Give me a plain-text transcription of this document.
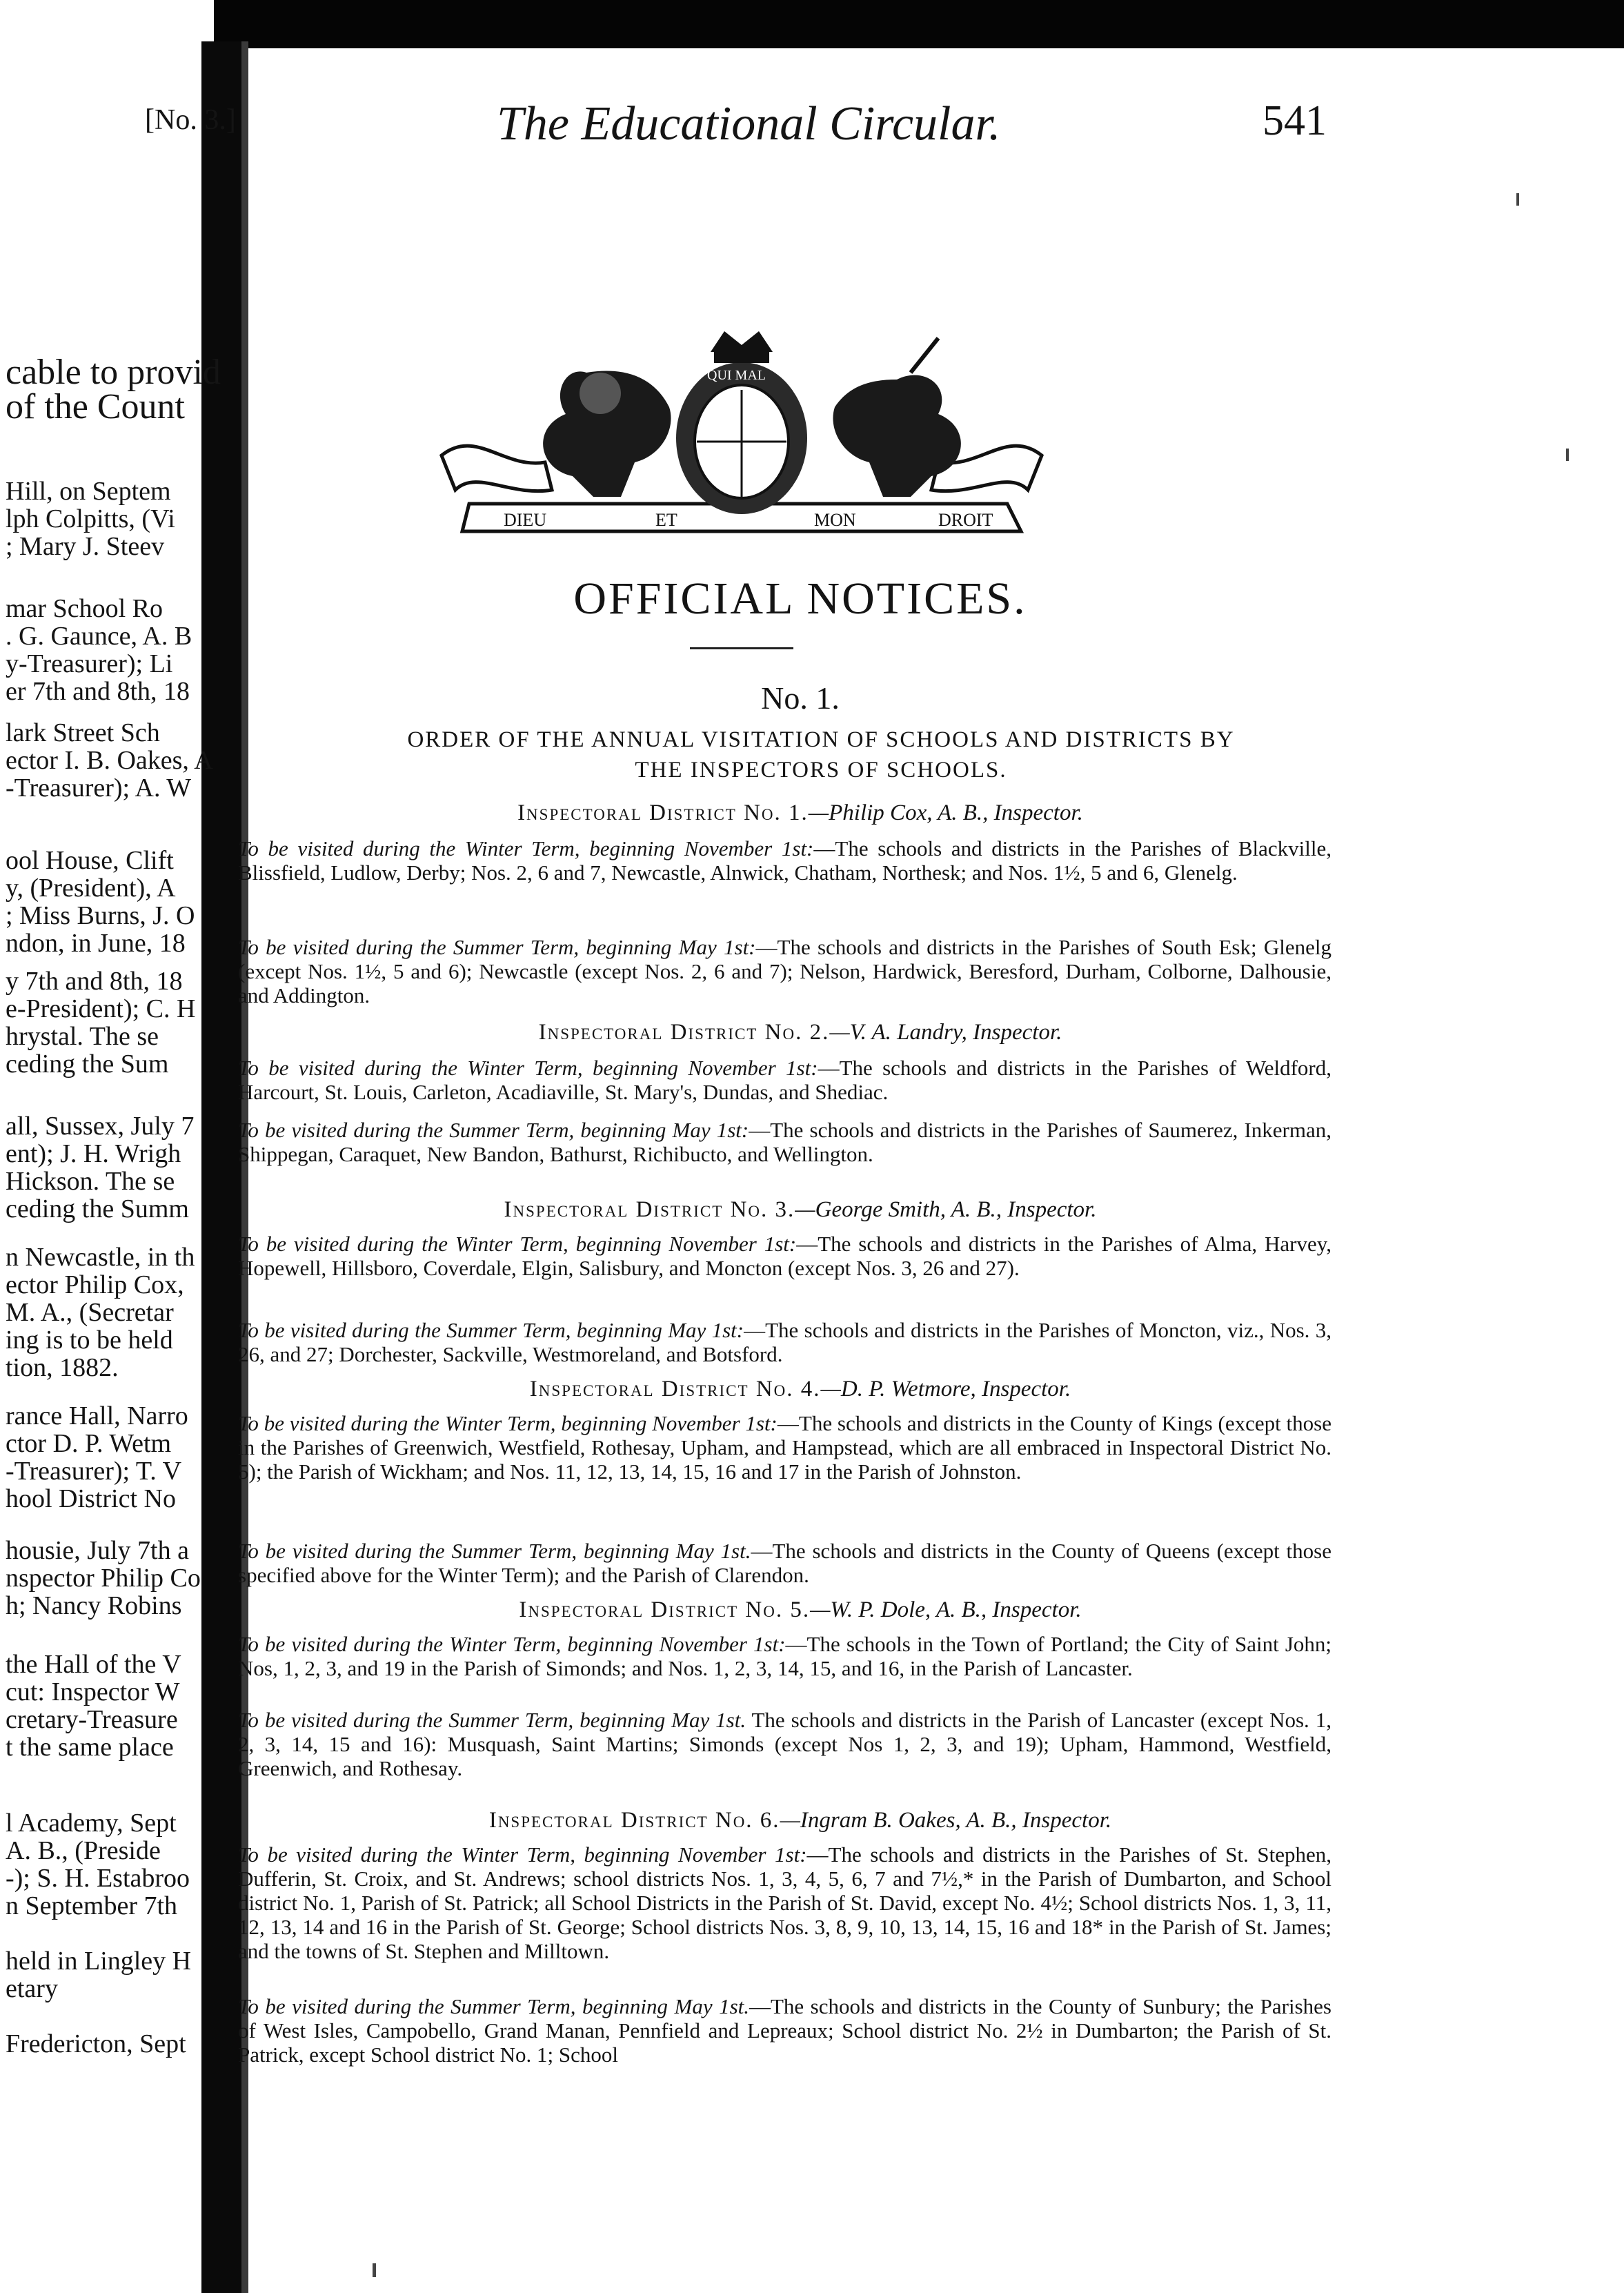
[No. 3.]
cable to provid
of the Count
Hill, on Septem
lph Colpitts, (Vi
; Mary J. Steev
mar School Ro
. G. Gaunce, A. B
y-Treasurer); Li
er 7th and 8th, 18
lark Street Sch
ector I. B. Oakes, A
-Treasurer); A. W
ool House, Clift
y, (President), A
; Miss Burns, J. O
ndon, in June, 18
y 7th and 8th, 18
e-President); C. H
hrystal. The se
ceding the Sum
all, Sussex, July 7
ent); J. H. Wrigh
Hickson. The se
ceding the Summ
n Newcastle, in th
ector Philip Cox,
M. A., (Secretar
ing is to be held
tion, 1882.
rance Hall, Narro
ctor D. P. Wetm
-Treasurer); T. V
hool District No
housie, July 7th a
nspector Philip Co
h; Nancy Robins
the Hall of the V
cut: Inspector W
cretary-Treasure
t the same place
l Academy, Sept
A. B., (Preside
-); S. H. Estabroo
n September 7th
held in Lingley H
etary
Fredericton, Sept
The Educational Circular.	541
DIEU	ET	MON	DROIT
QUI MAL
OFFICIAL NOTICES.
No. 1.
ORDER OF THE ANNUAL VISITATION OF SCHOOLS AND DISTRICTS BY THE INSPECTORS OF SCHOOLS.
Inspectoral District No. 1.—Philip Cox, A. B., Inspector.
To be visited during the Winter Term, beginning November 1st:—The schools and districts in the Parishes of Blackville, Blissfield, Ludlow, Derby; Nos. 2, 6 and 7, Newcastle, Alnwick, Chatham, Northesk; and Nos. 1½, 5 and 6, Glenelg.
To be visited during the Summer Term, beginning May 1st:—The schools and districts in the Parishes of South Esk; Glenelg (except Nos. 1½, 5 and 6); Newcastle (except Nos. 2, 6 and 7); Nelson, Hardwick, Beresford, Durham, Colborne, Dalhousie, and Addington.
Inspectoral District No. 2.—V. A. Landry, Inspector.
To be visited during the Winter Term, beginning November 1st:—The schools and districts in the Parishes of Weldford, Harcourt, St. Louis, Carleton, Acadiaville, St. Mary's, Dundas, and Shediac.
To be visited during the Summer Term, beginning May 1st:—The schools and districts in the Parishes of Saumerez, Inkerman, Shippegan, Caraquet, New Bandon, Bathurst, Richibucto, and Wellington.
Inspectoral District No. 3.—George Smith, A. B., Inspector.
To be visited during the Winter Term, beginning November 1st:—The schools and districts in the Parishes of Alma, Harvey, Hopewell, Hillsboro, Coverdale, Elgin, Salisbury, and Moncton (except Nos. 3, 26 and 27).
To be visited during the Summer Term, beginning May 1st:—The schools and districts in the Parishes of Moncton, viz., Nos. 3, 26, and 27; Dorchester, Sackville, Westmoreland, and Botsford.
Inspectoral District No. 4.—D. P. Wetmore, Inspector.
To be visited during the Winter Term, beginning November 1st:—The schools and districts in the County of Kings (except those in the Parishes of Greenwich, Westfield, Rothesay, Upham, and Hampstead, which are all embraced in Inspectoral District No. 5); the Parish of Wickham; and Nos. 11, 12, 13, 14, 15, 16 and 17 in the Parish of Johnston.
To be visited during the Summer Term, beginning May 1st.—The schools and districts in the County of Queens (except those specified above for the Winter Term); and the Parish of Clarendon.
Inspectoral District No. 5.—W. P. Dole, A. B., Inspector.
To be visited during the Winter Term, beginning November 1st:—The schools in the Town of Portland; the City of Saint John; Nos, 1, 2, 3, and 19 in the Parish of Simonds; and Nos. 1, 2, 3, 14, 15, and 16, in the Parish of Lancaster.
To be visited during the Summer Term, beginning May 1st. The schools and districts in the Parish of Lancaster (except Nos. 1, 2, 3, 14, 15 and 16): Musquash, Saint Martins; Simonds (except Nos 1, 2, 3, and 19); Upham, Hammond, Westfield, Greenwich, and Rothesay.
Inspectoral District No. 6.—Ingram B. Oakes, A. B., Inspector.
To be visited during the Winter Term, beginning November 1st:—The schools and districts in the Parishes of St. Stephen, Dufferin, St. Croix, and St. Andrews; school districts Nos. 1, 3, 4, 5, 6, 7 and 7½,* in the Parish of Dumbarton, and School district No. 1, Parish of St. Patrick; all School Districts in the Parish of St. David, except No. 4½; School districts Nos. 1, 3, 11, 12, 13, 14 and 16 in the Parish of St. George; School districts Nos. 3, 8, 9, 10, 13, 14, 15, 16 and 18* in the Parish of St. James; and the towns of St. Stephen and Milltown.
To be visited during the Summer Term, beginning May 1st.—The schools and districts in the County of Sunbury; the Parishes of West Isles, Campobello, Grand Manan, Pennfield and Lepreaux; School district No. 2½ in Dumbarton; the Parish of St. Patrick, except School district No. 1; School
